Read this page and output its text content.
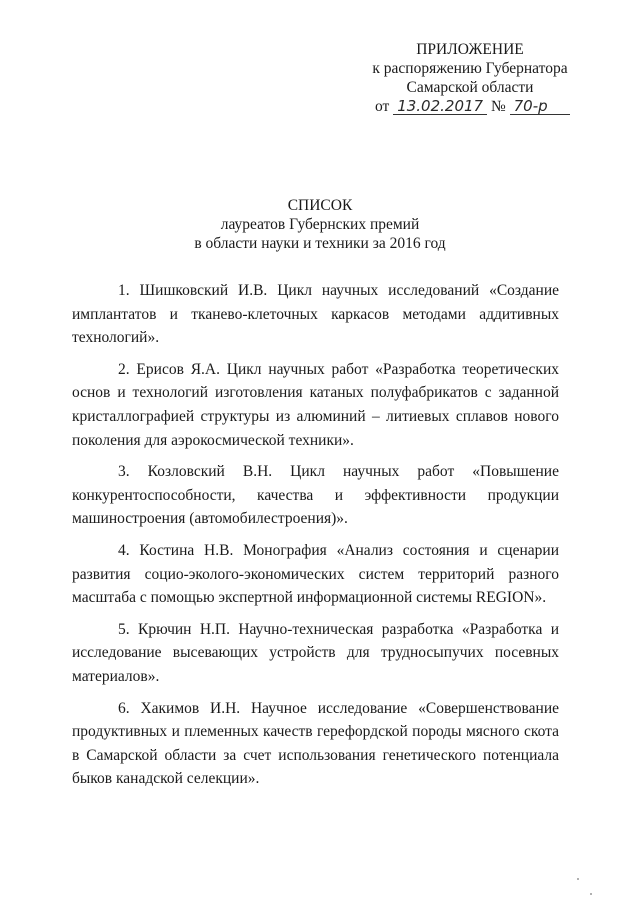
ПРИЛОЖЕНИЕ
к распоряжению Губернатора
Самарской области
от 13.02.2017 № 70-р
СПИСОК
лауреатов Губернских премий
в области науки и техники за 2016 год

1. Шишковский И.В. Цикл научных исследований «Создание имплантатов и тканево-клеточных каркасов методами аддитивных технологий».

2. Ерисов Я.А. Цикл научных работ «Разработка теоретических основ и технологий изготовления катаных полуфабрикатов с заданной кристаллографией структуры из алюминий – литиевых сплавов нового поколения для аэрокосмической техники».

3. Козловский В.Н. Цикл научных работ «Повышение конкурентоспособности, качества и эффективности продукции машиностроения (автомобилестроения)».

4. Костина Н.В. Монография «Анализ состояния и сценарии развития социо-эколого-экономических систем территорий разного масштаба с помощью экспертной информационной системы REGION».

5. Крючин Н.П. Научно-техническая разработка «Разработка и исследование высевающих устройств для трудносыпучих посевных материалов».

6. Хакимов И.Н. Научное исследование «Совершенствование продуктивных и племенных качеств герефордской породы мясного скота в Самарской области за счет использования генетического потенциала быков канадской селекции».
